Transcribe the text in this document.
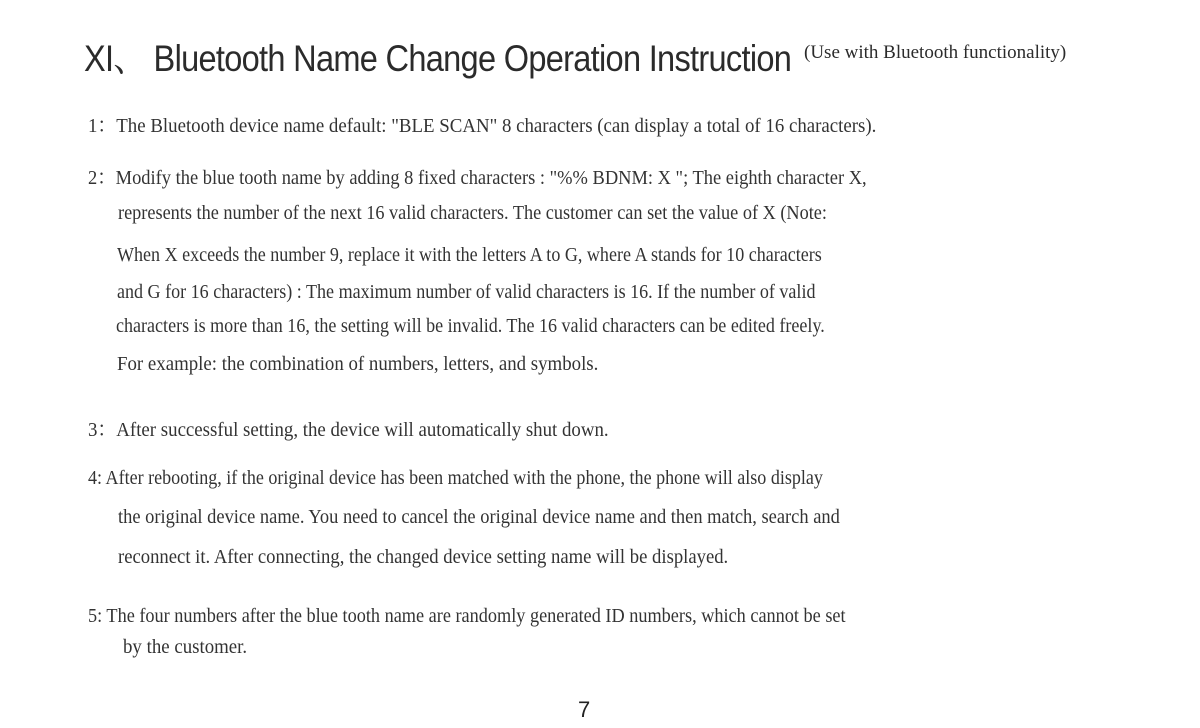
XI、 Bluetooth Name Change Operation Instruction (Use with Bluetooth functionality)
1：The Bluetooth device name default: "BLE SCAN" 8 characters (can display a total of 16 characters).
2：Modify the blue tooth name by adding 8 fixed characters : "%% BDNM: X "; The eighth character X,
represents the number of the next 16 valid characters. The customer can set the value of X (Note:
When X exceeds the number 9, replace it with the letters A to G, where A stands for 10 characters
and G for 16 characters) : The maximum number of valid characters is 16. If the number of valid
characters is more than 16, the setting will be invalid. The 16 valid characters can be edited freely.
For example: the combination of numbers, letters, and symbols.
3：After successful setting, the device will automatically shut down.
4: After rebooting, if the original device has been matched with the phone, the phone will also display
the original device name. You need to cancel the original device name and then match, search and
reconnect it. After connecting, the changed device setting name will be displayed.
5: The four numbers after the blue tooth name are randomly generated ID numbers, which cannot be set
by the customer.
7
